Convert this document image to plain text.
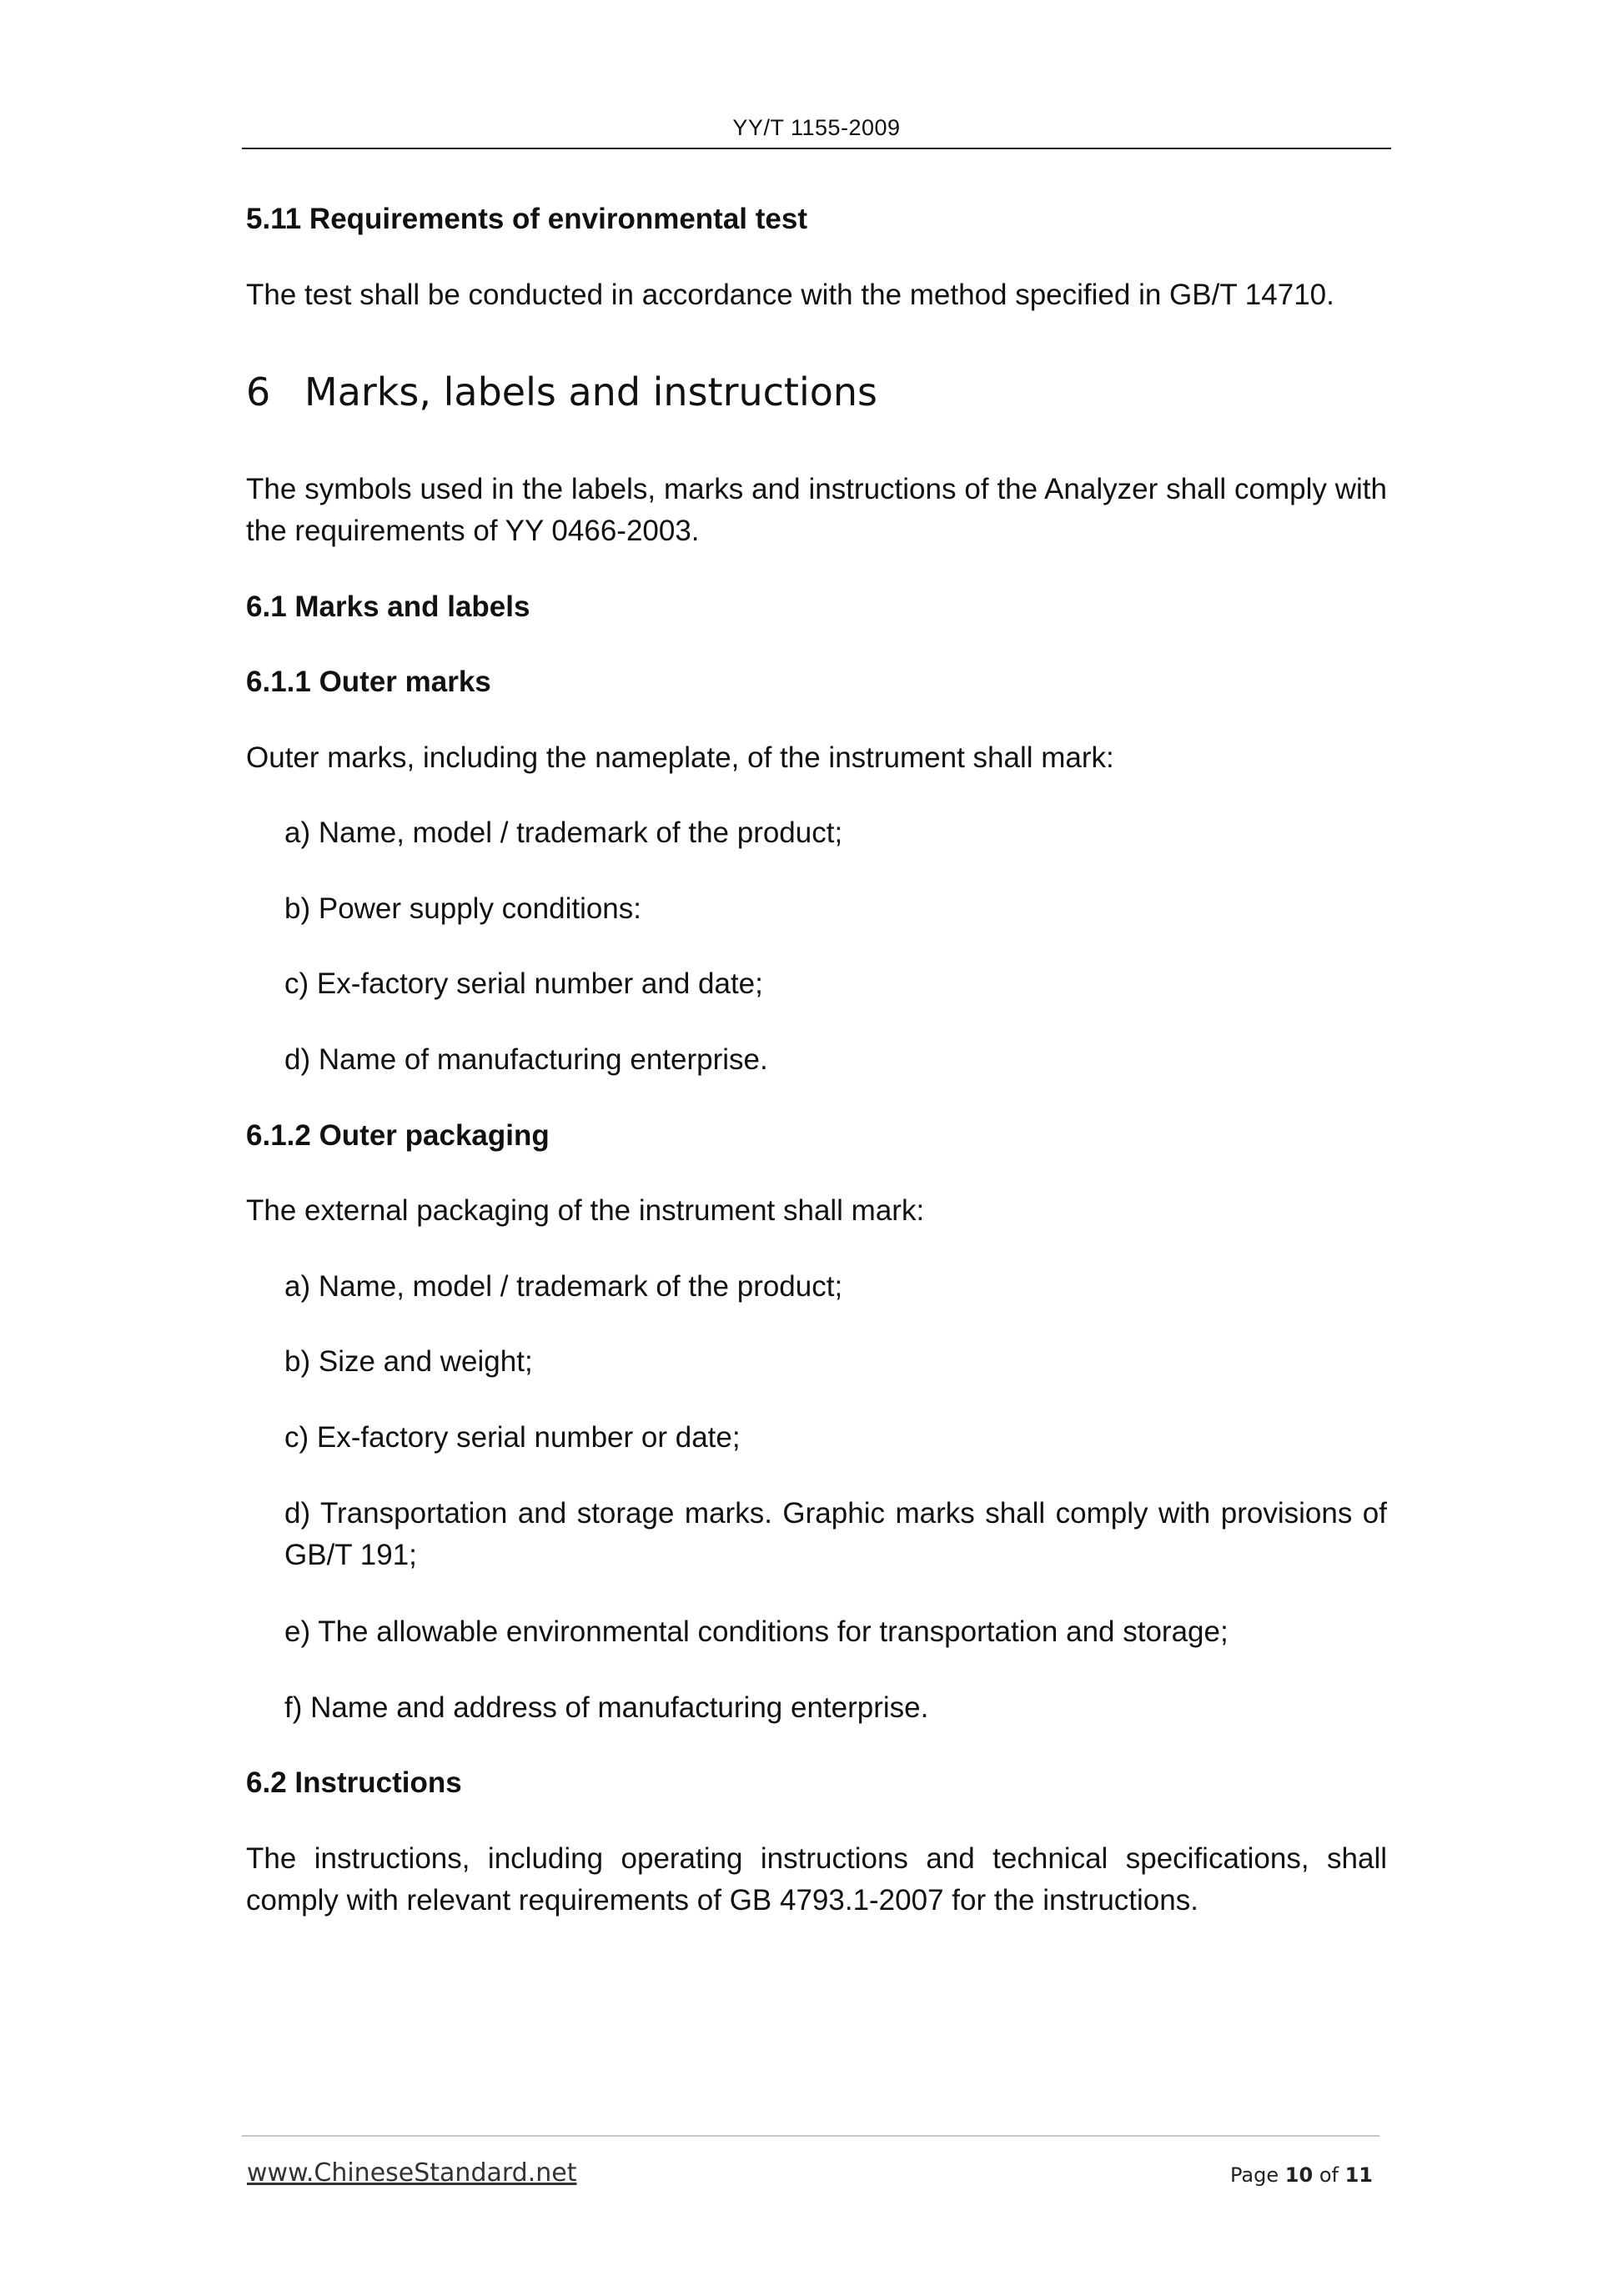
YY/T 1155-2009

5.11 Requirements of environmental test

The test shall be conducted in accordance with the method specified in GB/T 14710.

6 Marks, labels and instructions

The symbols used in the labels, marks and instructions of the Analyzer shall comply with the requirements of YY 0466-2003.

6.1 Marks and labels

6.1.1 Outer marks

Outer marks, including the nameplate, of the instrument shall mark:

a) Name, model / trademark of the product;

b) Power supply conditions:

c) Ex-factory serial number and date;

d) Name of manufacturing enterprise.

6.1.2 Outer packaging

The external packaging of the instrument shall mark:

a) Name, model / trademark of the product;

b) Size and weight;

c) Ex-factory serial number or date;

d) Transportation and storage marks. Graphic marks shall comply with provisions of GB/T 191;

e) The allowable environmental conditions for transportation and storage;

f) Name and address of manufacturing enterprise.

6.2 Instructions

The instructions, including operating instructions and technical specifications, shall comply with relevant requirements of GB 4793.1-2007 for the instructions.

www.ChineseStandard.net	Page 10 of 11
